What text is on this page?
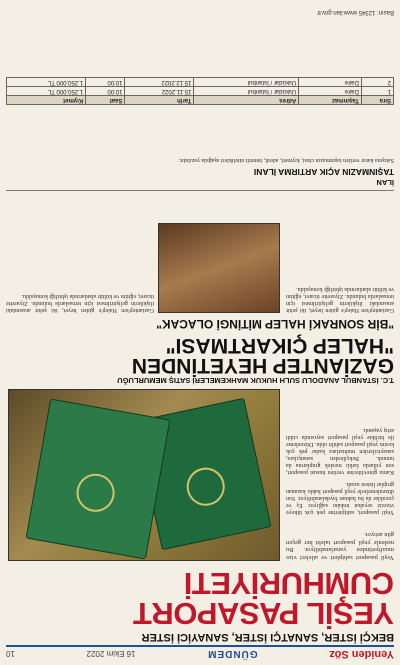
Yeniden Söz
GÜNDEM
16 Ekim 2022
10
BEKÇİ İSTER, SANATÇI İSTER, SANAYİCİ İSTER
YEŞİL PASAPORT
CUMHURİYETİ
Yeşil pasaport sahipleri ve aileleri vize muafiyetinden yararlanabiliyor. Bu nedenle yeşil pasaport talebi her geçen gün artıyor.
Kamu görevlilerine verilen hususi pasaport, son yıllarda farklı meslek gruplarına da tanındı. Bekçilerden sanatçılara, sanayicilerden muhtarlara kadar pek çok kesim yeşil pasaport sahibi oldu. Düzenleme ile birlikte yeşil pasaport sayısında ciddi artış yaşandı.
Yeşil pasaport, sahiplerine pek çok ülkeye vizesiz seyahat imkânı sağlıyor. Eş ve çocuklar da bu haktan faydalanabiliyor. Son düzenlemelerle yeşil pasaport hakkı kazanan gruplar listesi uzadı.
T.C. İSTANBUL ANADOLU SULH HUKUK MAHKEMELERİ SATIŞ MEMURLUĞU
GAZİANTEP HEYETİNDEN
"HALEP ÇIKARTMASI"
"BİR SONRAKİ HALEP MİTİNGİ OLACAK"
Gaziantep'ten Halep'e giden heyet, iki şehir arasındaki ilişkilerin geliştirilmesi için temaslarda bulundu. Ziyarette ticaret, eğitim ve kültür alanlarında işbirliği konuşuldu.
Gaziantep'ten Halep'e giden heyet, iki şehir arasındaki ilişkilerin geliştirilmesi için temaslarda bulundu. Ziyarette ticaret, eğitim ve kültür alanlarında işbirliği konuşuldu.
İLAN
TAŞINMAZIN AÇIK ARTIRMA İLANI
Satışına karar verilen taşınmazın cinsi, kıymeti, adedi, önemli nitelikleri aşağıda yazılıdır.
Sıra	Taşınmaz	Adres	Tarih	Saat	Kıymet
1	Daire	Üsküdar / İstanbul	15.11.2022	10:00	1.250.000 TL
2	Daire	Üsküdar / İstanbul	15.12.2022	10:00	1.250.000 TL
Basın: 12345 www.ilan.gov.tr
